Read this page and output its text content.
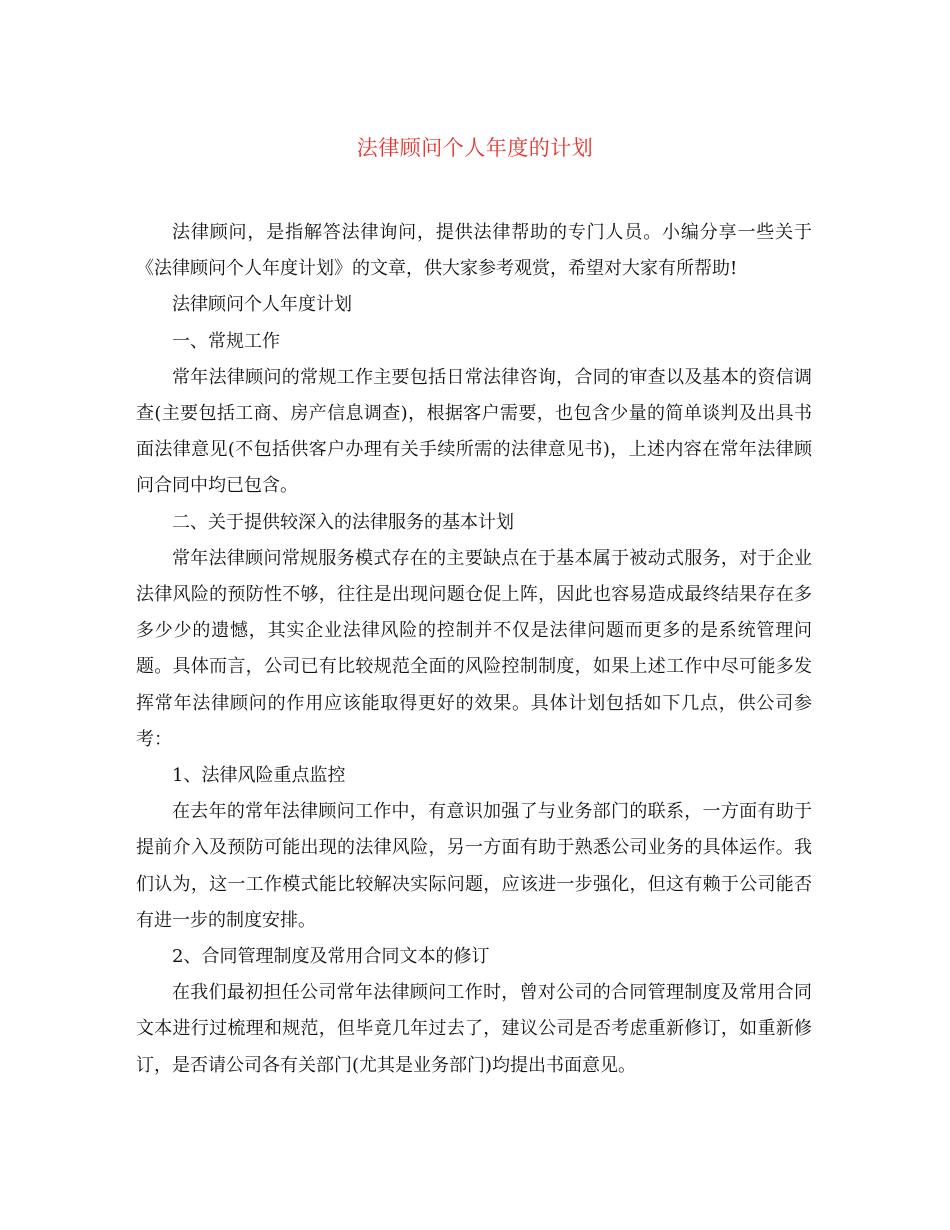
法律顾问个人年度的计划

法律顾问，是指解答法律询问，提供法律帮助的专门人员。小编分享一些关于《法律顾问个人年度计划》的文章，供大家参考观赏，希望对大家有所帮助!

法律顾问个人年度计划

一、常规工作

常年法律顾问的常规工作主要包括日常法律咨询，合同的审查以及基本的资信调查(主要包括工商、房产信息调查)，根据客户需要，也包含少量的简单谈判及出具书面法律意见(不包括供客户办理有关手续所需的法律意见书)，上述内容在常年法律顾问合同中均已包含。

二、关于提供较深入的法律服务的基本计划

常年法律顾问常规服务模式存在的主要缺点在于基本属于被动式服务，对于企业法律风险的预防性不够，往往是出现问题仓促上阵，因此也容易造成最终结果存在多多少少的遗憾，其实企业法律风险的控制并不仅是法律问题而更多的是系统管理问题。具体而言，公司已有比较规范全面的风险控制制度，如果上述工作中尽可能多发挥常年法律顾问的作用应该能取得更好的效果。具体计划包括如下几点，供公司参考：

1、法律风险重点监控

在去年的常年法律顾问工作中，有意识加强了与业务部门的联系，一方面有助于提前介入及预防可能出现的法律风险，另一方面有助于熟悉公司业务的具体运作。我们认为，这一工作模式能比较解决实际问题，应该进一步强化，但这有赖于公司能否有进一步的制度安排。

2、合同管理制度及常用合同文本的修订

在我们最初担任公司常年法律顾问工作时，曾对公司的合同管理制度及常用合同文本进行过梳理和规范，但毕竟几年过去了，建议公司是否考虑重新修订，如重新修订，是否请公司各有关部门(尤其是业务部门)均提出书面意见。
